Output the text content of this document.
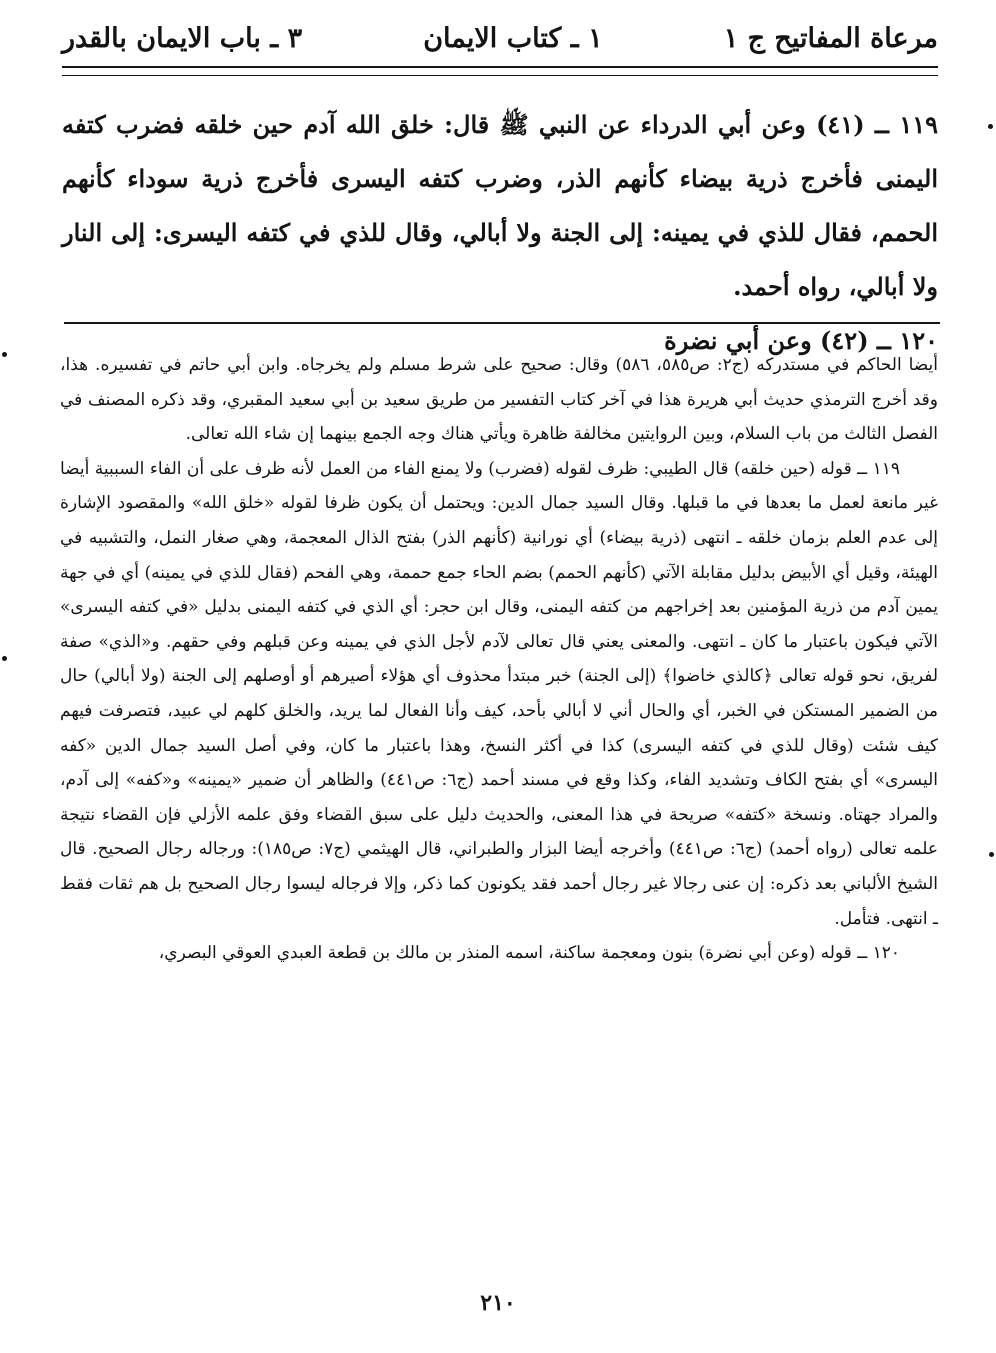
مرعاة المفاتيح ج ١
١ ـ كتاب الايمان
٣ ـ باب الايمان بالقدر

١١٩ ــ (٤١) وعن أبي الدرداء عن النبي ﷺ قال: خلق الله آدم حين خلقه فضرب كتفه اليمنى فأخرج ذرية بيضاء كأنهم الذر، وضرب كتفه اليسرى فأخرج ذرية سوداء كأنهم الحمم، فقال للذي في يمينه: إلى الجنة ولا أبالي، وقال للذي في كتفه اليسرى: إلى النار ولا أبالي، رواه أحمد.

١٢٠ ــ (٤٢) وعن أبي نضرة

أيضا الحاكم في مستدركه (ج٢: ص٥٨٥، ٥٨٦) وقال: صحيح على شرط مسلم ولم يخرجاه. وابن أبي حاتم في تفسيره. هذا، وقد أخرج الترمذي حديث أبي هريرة هذا في آخر كتاب التفسير من طريق سعيد بن أبي سعيد المقبري، وقد ذكره المصنف في الفصل الثالث من باب السلام، وبين الروايتين مخالفة ظاهرة ويأتي هناك وجه الجمع بينهما إن شاء الله تعالى.

١١٩ ــ قوله (حين خلقه) قال الطيبي: ظرف لقوله (فضرب) ولا يمنع الفاء من العمل لأنه ظرف على أن الفاء السببية أيضا غير مانعة لعمل ما بعدها في ما قبلها. وقال السيد جمال الدين: ويحتمل أن يكون ظرفا لقوله «خلق الله» والمقصود الإشارة إلى عدم العلم بزمان خلقه ـ انتهى (ذرية بيضاء) أي نورانية (كأنهم الذر) بفتح الذال المعجمة، وهي صغار النمل، والتشبيه في الهيئة، وقيل أي الأبيض بدليل مقابلة الآتي (كأنهم الحمم) بضم الحاء جمع حممة، وهي الفحم (فقال للذي في يمينه) أي في جهة يمين آدم من ذرية المؤمنين بعد إخراجهم من كتفه اليمنى، وقال ابن حجر: أي الذي في كتفه اليمنى بدليل «في كتفه اليسرى» الآتي فيكون باعتبار ما كان ـ انتهى. والمعنى يعني قال تعالى لآدم لأجل الذي في يمينه وعن قبلهم وفي حقهم. و«الذي» صفة لفريق، نحو قوله تعالى ﴿كالذي خاضوا﴾ (إلى الجنة) خبر مبتدأ محذوف أي هؤلاء أصيرهم أو أوصلهم إلى الجنة (ولا أبالي) حال من الضمير المستكن في الخبر، أي والحال أني لا أبالي بأحد، كيف وأنا الفعال لما يريد، والخلق كلهم لي عبيد، فتصرفت فيهم كيف شئت (وقال للذي في كتفه اليسرى) كذا في أكثر النسخ، وهذا باعتبار ما كان، وفي أصل السيد جمال الدين «كفه اليسرى» أي بفتح الكاف وتشديد الفاء، وكذا وقع في مسند أحمد (ج٦: ص٤٤١) والظاهر أن ضمير «يمينه» و«كفه» إلى آدم، والمراد جهتاه. ونسخة «كتفه» صريحة في هذا المعنى، والحديث دليل على سبق القضاء وفق علمه الأزلي فإن القضاء نتيجة علمه تعالى (رواه أحمد) (ج٦: ص٤٤١) وأخرجه أيضا البزار والطبراني، قال الهيثمي (ج٧: ص١٨٥): ورجاله رجال الصحيح. قال الشيخ الألباني بعد ذكره: إن عنى رجالا غير رجال أحمد فقد يكونون كما ذكر، وإلا فرجاله ليسوا رجال الصحيح بل هم ثقات فقط ـ انتهى. فتأمل.

١٢٠ ــ قوله (وعن أبي نضرة) بنون ومعجمة ساكنة، اسمه المنذر بن مالك بن قطعة العبدي العوقي البصري،

٢١٠
